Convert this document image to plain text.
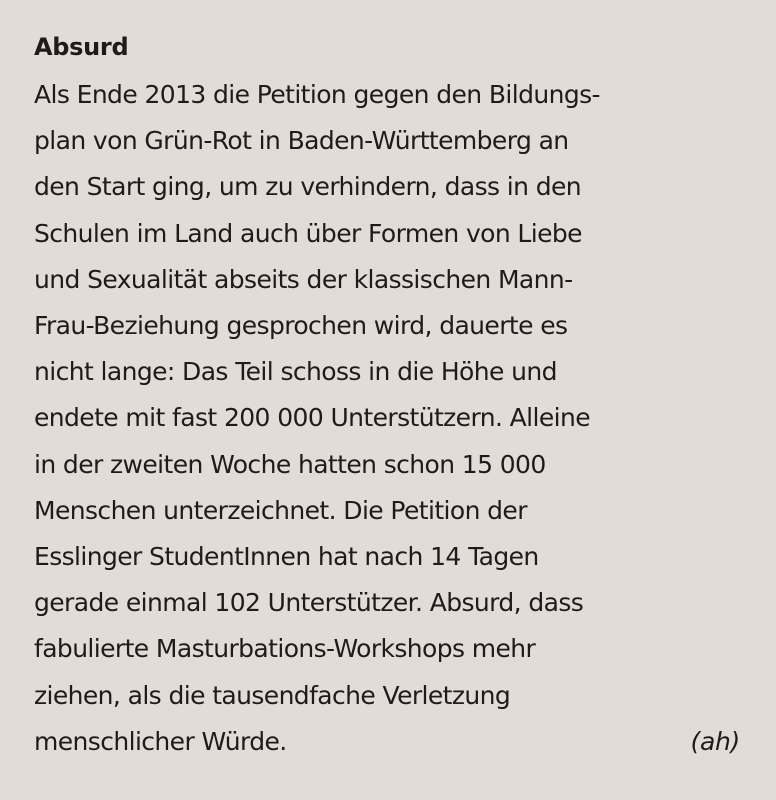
Absurd
Als Ende 2013 die Petition gegen den Bildungs-
plan von Grün-Rot in Baden-Württemberg an
den Start ging, um zu verhindern, dass in den
Schulen im Land auch über Formen von Liebe
und Sexualität abseits der klassischen Mann-
Frau-Beziehung gesprochen wird, dauerte es
nicht lange: Das Teil schoss in die Höhe und
endete mit fast 200 000 Unterstützern. Alleine
in der zweiten Woche hatten schon 15 000
Menschen unterzeichnet. Die Petition der
Esslinger StudentInnen hat nach 14 Tagen
gerade einmal 102 Unterstützer. Absurd, dass
fabulierte Masturbations-Workshops mehr
ziehen, als die tausendfache Verletzung
menschlicher Würde.	(ah)
